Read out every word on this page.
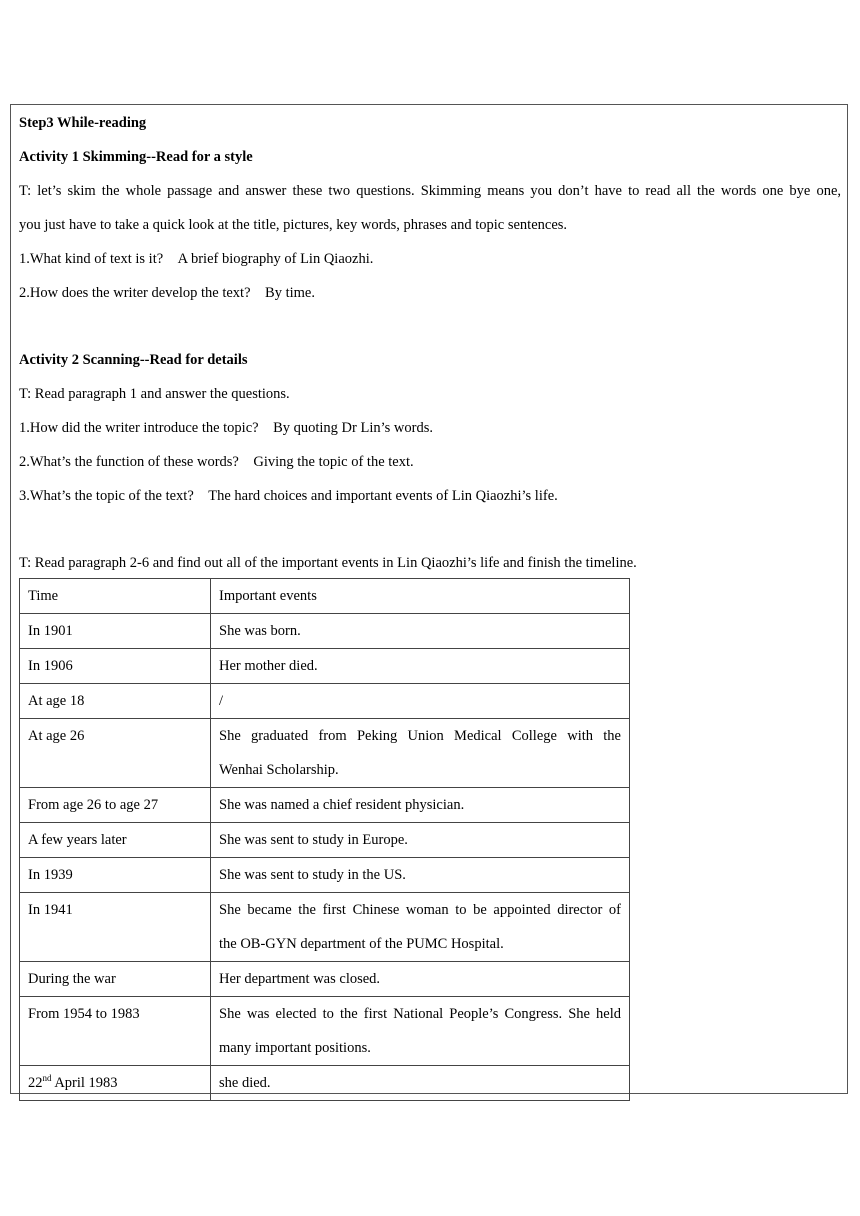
Step3 While-reading
Activity 1 Skimming--Read for a style
T: let’s skim the whole passage and answer these two questions. Skimming means you don’t have to read all the words one bye one,
you just have to take a quick look at the title, pictures, key words, phrases and topic sentences.
1.What kind of text is it?    A brief biography of Lin Qiaozhi.
2.How does the writer develop the text?    By time.
Activity 2 Scanning--Read for details
T: Read paragraph 1 and answer the questions.
1.How did the writer introduce the topic?    By quoting Dr Lin’s words.
2.What’s the function of these words?    Giving the topic of the text.
3.What’s the topic of the text?    The hard choices and important events of Lin Qiaozhi’s life.
T: Read paragraph 2-6 and find out all of the important events in Lin Qiaozhi’s life and finish the timeline.
Time	Important events
In 1901	She was born.
In 1906	Her mother died.
At age 18	/
At age 26	She graduated from Peking Union Medical College with the
Wenhai Scholarship.
From age 26 to age 27	She was named a chief resident physician.
A few years later	She was sent to study in Europe.
In 1939	She was sent to study in the US.
In 1941	She became the first Chinese woman to be appointed director of
the OB-GYN department of the PUMC Hospital.
During the war	Her department was closed.
From 1954 to 1983	She was elected to the first National People’s Congress. She held
many important positions.
22nd April 1983	she died.
